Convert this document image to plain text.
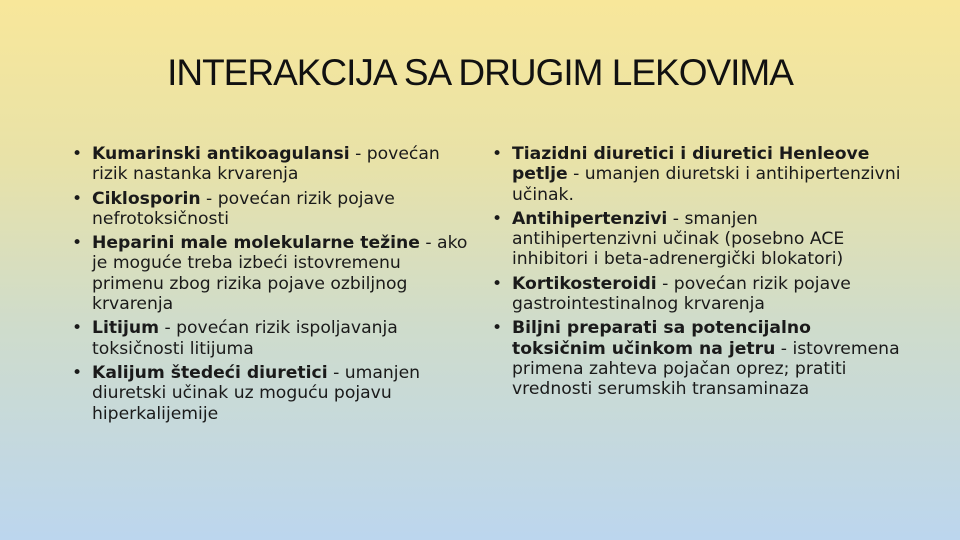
INTERAKCIJA SA DRUGIM LEKOVIMA
• Kumarinski antikoagulansi - povećan rizik nastanka krvarenja
• Ciklosporin - povećan rizik pojave nefrotoksičnosti
• Heparini male molekularne težine - ako je moguće treba izbeći istovremenu primenu zbog rizika pojave ozbiljnog krvarenja
• Litijum - povećan rizik ispoljavanja toksičnosti litijuma
• Kalijum štedeći diuretici - umanjen diuretski učinak uz moguću pojavu hiperkalijemije
• Tiazidni diuretici i diuretici Henleove petlje - umanjen diuretski i antihipertenzivni učinak.
• Antihipertenzivi - smanjen antihipertenzivni učinak (posebno ACE inhibitori i beta-adrenergički blokatori)
• Kortikosteroidi - povećan rizik pojave gastrointestinalnog krvarenja
• Biljni preparati sa potencijalno toksičnim učinkom na jetru - istovremena primena zahteva pojačan oprez; pratiti vrednosti serumskih transaminaza
